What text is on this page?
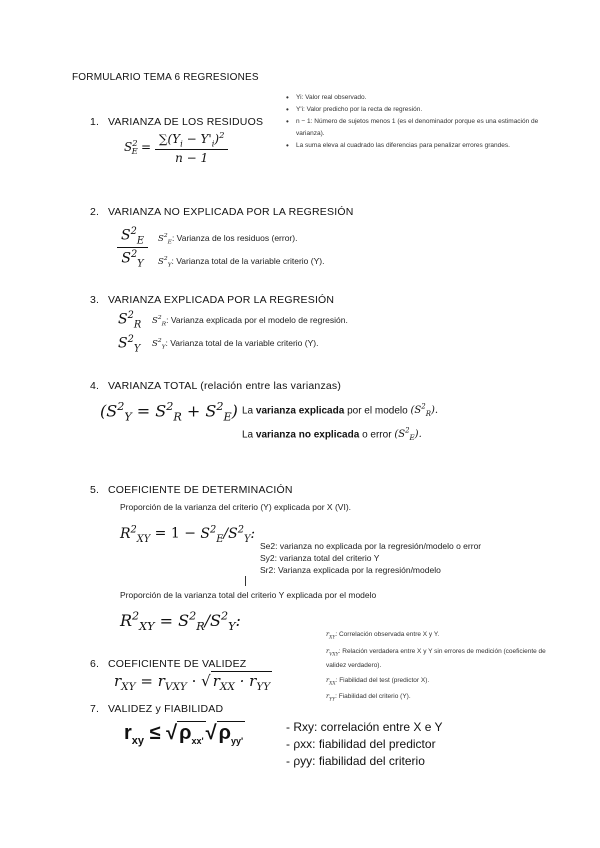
FORMULARIO TEMA 6 REGRESIONES
• Yi: Valor real observado.
• Y'i: Valor predicho por la recta de regresión.
• n − 1: Número de sujetos menos 1 (es el denominador porque es una estimación de varianza).
• La suma eleva al cuadrado las diferencias para penalizar errores grandes.
1. VARIANZA DE LOS RESIDUOS
$S^2_E = \frac{\sum(Y_i - Y'_i)^2}{n - 1}$
2. VARIANZA NO EXPLICADA POR LA REGRESIÓN
$\frac{S^2_E}{S^2_Y} S^2_E$: Varianza de los residuos (error).
$S^2_Y$: Varianza total de la variable criterio (Y).
3. VARIANZA EXPLICADA POR LA REGRESIÓN
$S^2_R$
$S^2_Y$
$S^2_R$: Varianza explicada por el modelo de regresión.
$S^2_Y$: Varianza total de la variable criterio (Y).
4. VARIANZA TOTAL (relación entre las varianzas)
$(S^2_Y = S^2_R + S^2_E)$ La varianza explicada por el modelo $(S^2_R)$.
La varianza no explicada o error $(S^2_E)$.
5. COEFICIENTE DE DETERMINACIÓN
Proporción de la varianza del criterio (Y) explicada por X (VI).
$R^2_{XY} = 1 - S^2_E/S^2_Y$:
Se2: varianza no explicada por la regresión/modelo o error
Sy2: varianza total del criterio Y
Sr2: Varianza explicada por la regresión/modelo
Proporción de la varianza total del criterio Y explicada por el modelo
$R^2_{XY} = S^2_R/S^2_Y$:
$r_{XY}$: Correlación observada entre X y Y.
$r_{VXY}$: Relación verdadera entre X y Y sin errores de medición (coeficiente de validez verdadero).
$r_{XX}$: Fiabilidad del test (predictor X).
$r_{YY}$: Fiabilidad del criterio (Y).
6. COEFICIENTE DE VALIDEZ
$r_{XY} = r_{VXY}$ · √ $r_{XX} \cdot r_{YY}$
7. VALIDEZ y FIABILIDAD
$r_{xy}$ ≤ √ $\rho_{xx'}$ √ $\rho_{yy'}$
- Rxy: correlación entre X e Y
- ρxx: fiabilidad del predictor
- ρyy: fiabilidad del criterio
